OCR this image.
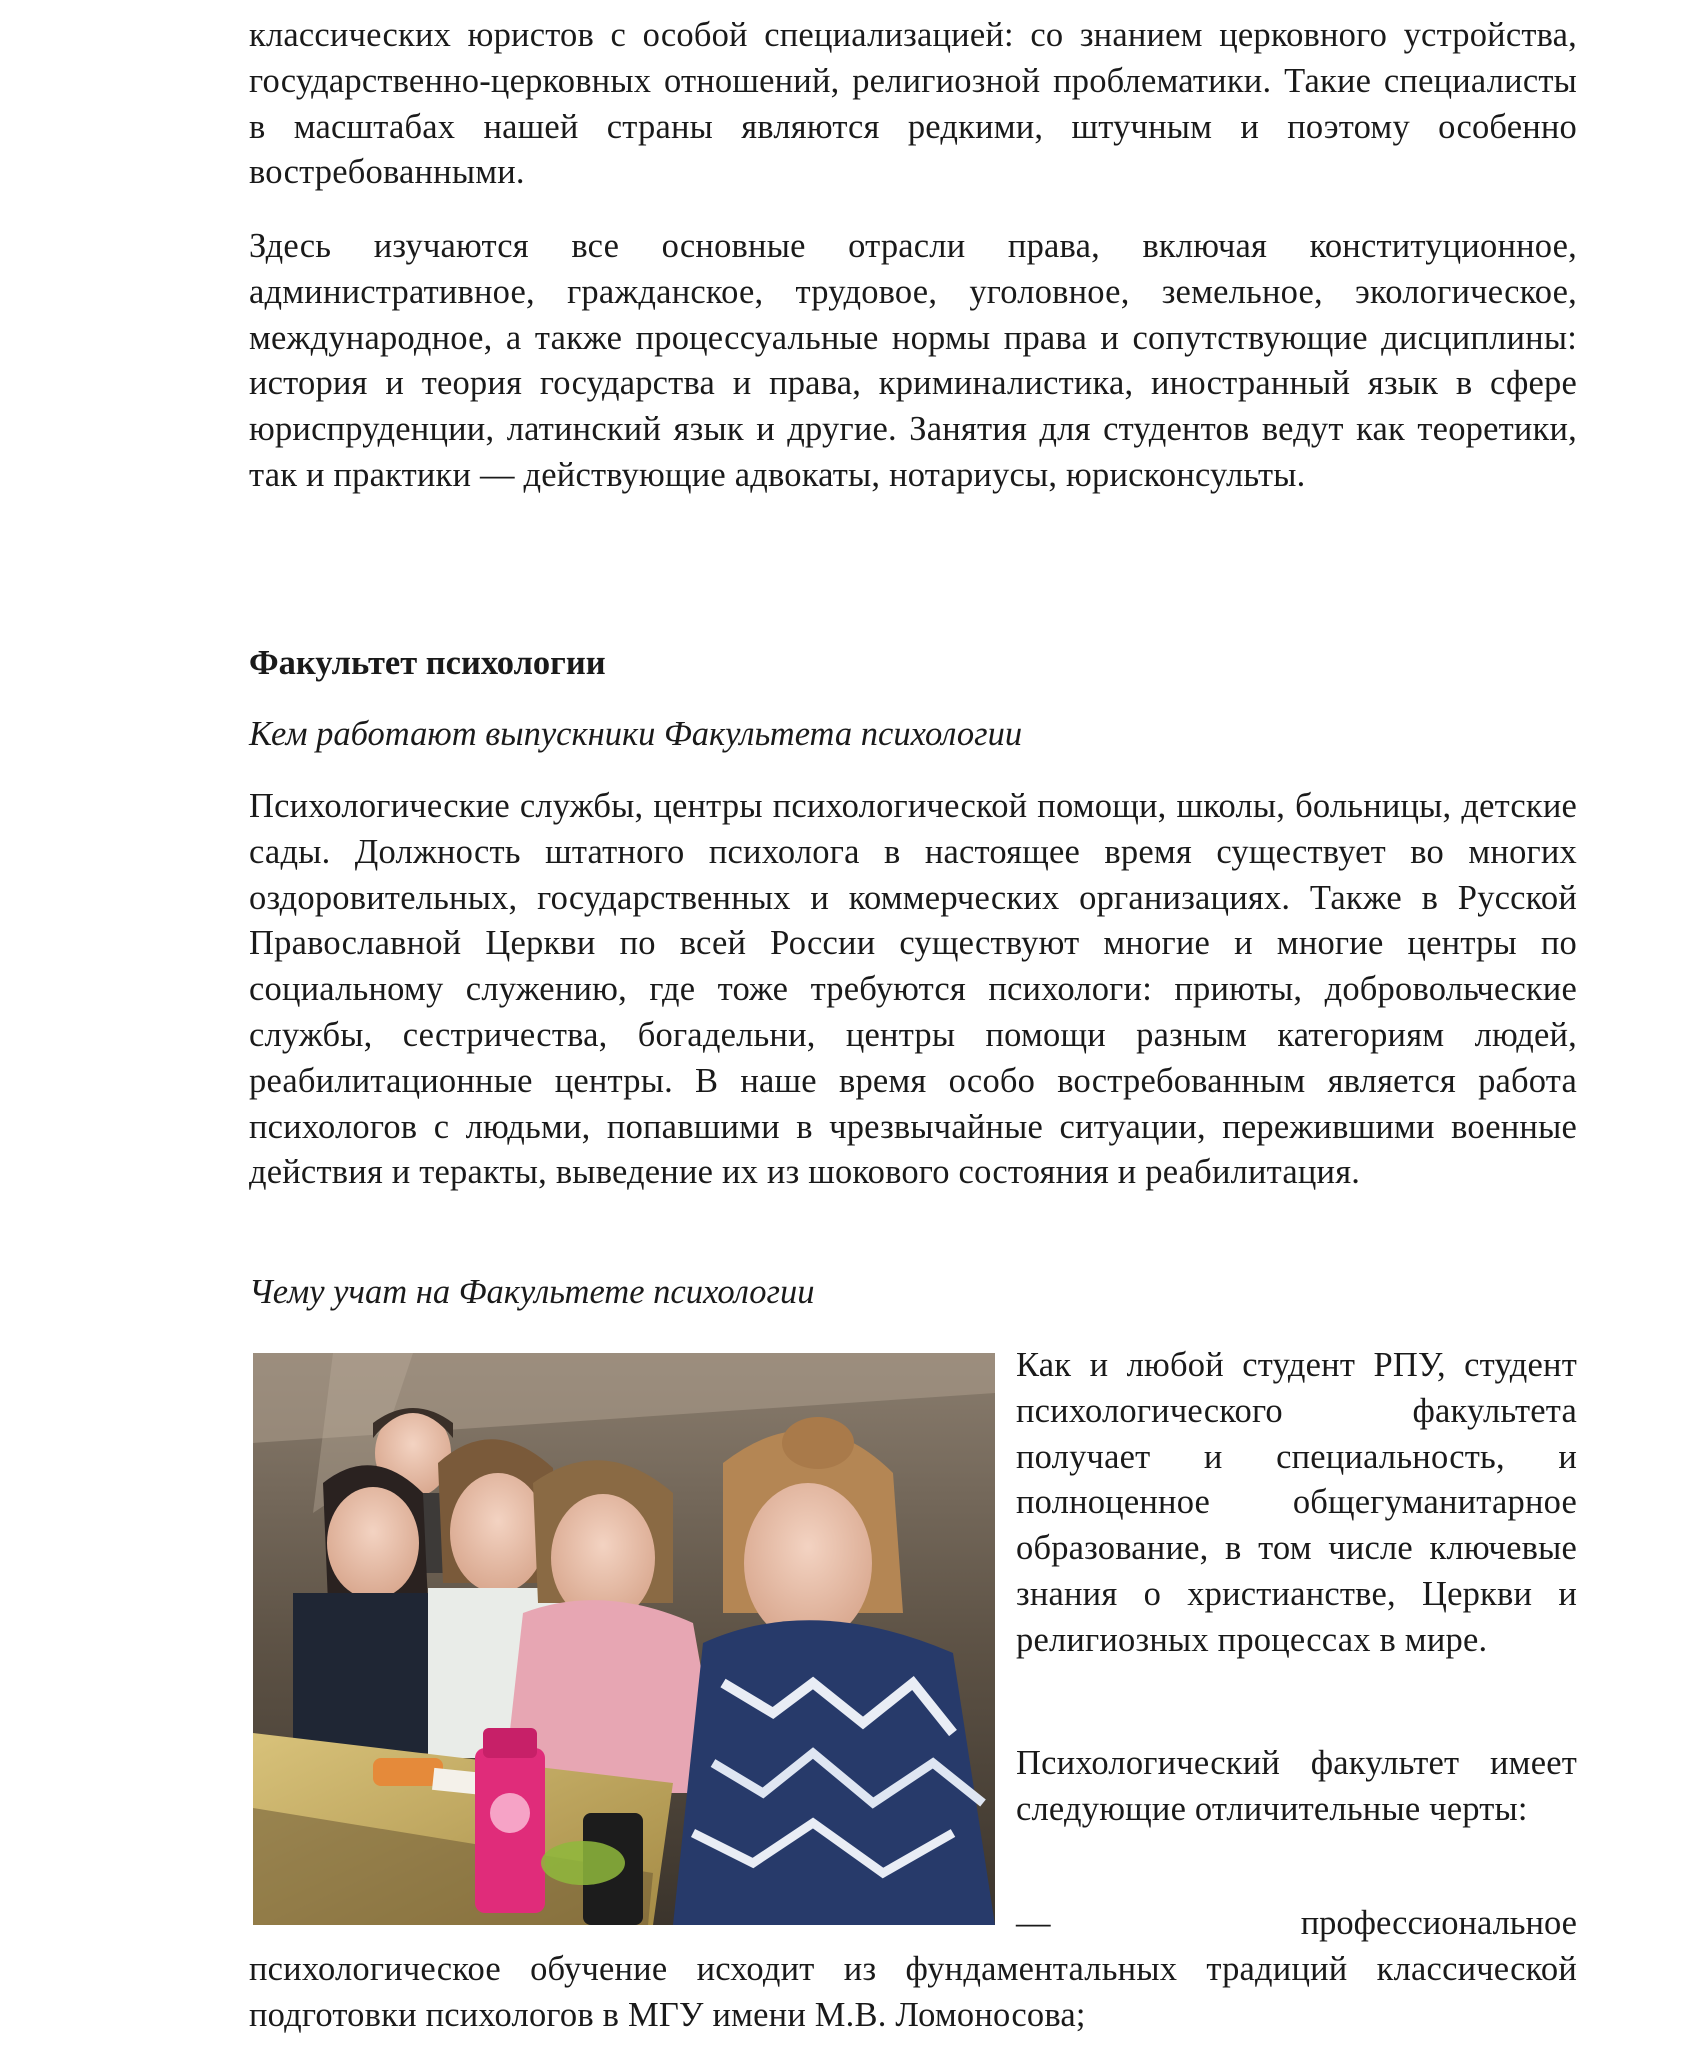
классических юристов с особой специализацией: со знанием церковного устройства, государственно-церковных отношений, религиозной проблематики. Такие специалисты в масштабах нашей страны являются редкими, штучным и поэтому особенно востребованными.

Здесь изучаются все основные отрасли права, включая конституционное, административное, гражданское, трудовое, уголовное, земельное, экологическое, международное, а также процессуальные нормы права и сопутствующие дисциплины: история и теория государства и права, криминалистика, иностранный язык в сфере юриспруденции, латинский язык и другие. Занятия для студентов ведут как теоретики, так и практики — действующие адвокаты, нотариусы, юрисконсульты.

Факультет психологии

Кем работают выпускники Факультета психологии

Психологические службы, центры психологической помощи, школы, больницы, детские сады. Должность штатного психолога в настоящее время существует во многих оздоровительных, государственных и коммерческих организациях. Также в Русской Православной Церкви по всей России существуют многие и многие центры по социальному служению, где тоже требуются психологи: приюты, добровольческие службы, сестричества, богадельни, центры помощи разным категориям людей, реабилитационные центры. В наше время особо востребованным является работа психологов с людьми, попавшими в чрезвычайные ситуации, пережившими военные действия и теракты, выведение их из шокового состояния и реабилитация.

Чему учат на Факультете психологии

Как и любой студент РПУ, студент психологического факультета получает и специальность, и полноценное общегуманитарное образование, в том числе ключевые знания о христианстве, Церкви и религиозных процессах в мире.

Психологический факультет имеет следующие отличительные черты:

— профессиональное

психологическое обучение исходит из фундаментальных традиций классической подготовки психологов в МГУ имени М.В. Ломоносова;
